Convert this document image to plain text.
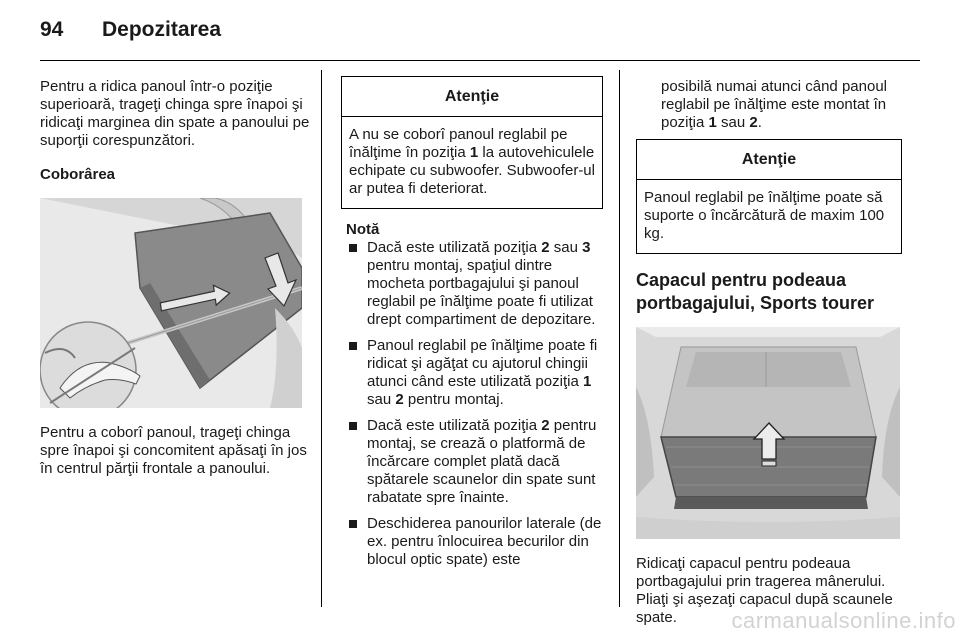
94 Depozitarea

Pentru a ridica panoul într-o poziţie superioară, trageţi chinga spre înapoi şi ridicaţi marginea din spate a panoului pe suporţii corespunzători.

Coborârea

Pentru a coborî panoul, trageţi chinga spre înapoi şi concomitent apăsaţi în jos în centrul părţii frontale a panoului.

Atenţie
A nu se coborî panoul reglabil pe înălţime în poziţia 1 la autovehiculele echipate cu subwoofer. Subwoofer-ul ar putea fi deteriorat.
Notă
Dacă este utilizată poziţia 2 sau 3 pentru montaj, spaţiul dintre mocheta portbagajului şi panoul reglabil pe înălţime poate fi utilizat drept compartiment de depozitare.
Panoul reglabil pe înălţime poate fi ridicat şi agăţat cu ajutorul chingii atunci când este utilizată poziţia 1 sau 2 pentru montaj.
Dacă este utilizată poziţia 2 pentru montaj, se crează o platformă de încărcare complet plată dacă spătarele scaunelor din spate sunt rabatate spre înainte.
Deschiderea panourilor laterale (de ex. pentru înlocuirea becurilor din blocul optic spate) este

posibilă numai atunci când panoul reglabil pe înălţime este montat în poziţia 1 sau 2.

Atenţie
Panoul reglabil pe înălţime poate să suporte o încărcătură de maxim 100 kg.
Capacul pentru podeaua portbagajului, Sports tourer

Ridicaţi capacul pentru podeaua portbagajului prin tragerea mânerului. Pliaţi şi aşezaţi capacul după scaunele spate.	carmanualsonline.info
